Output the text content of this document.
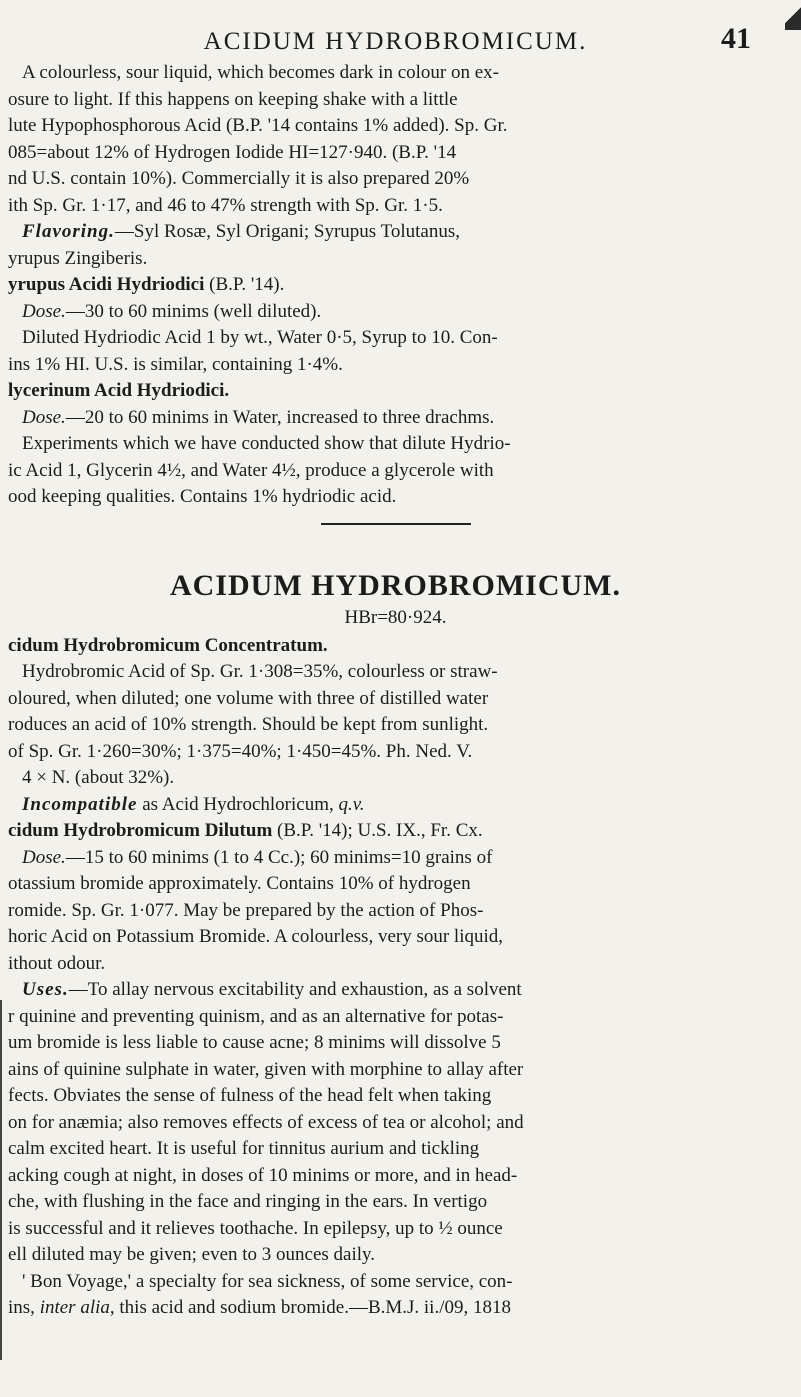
ACIDUM HYDROBROMICUM.	41

A colourless, sour liquid, which becomes dark in colour on ex-

osure to light. If this happens on keeping shake with a little

lute Hypophosphorous Acid (B.P. '14 contains 1% added). Sp. Gr.

085=about 12% of Hydrogen Iodide HI=127·940. (B.P. '14

nd U.S. contain 10%). Commercially it is also prepared 20%

ith Sp. Gr. 1·17, and 46 to 47% strength with Sp. Gr. 1·5.

Flavoring.—Syl Rosæ, Syl Origani; Syrupus Tolutanus,

yrupus Zingiberis.

yrupus Acidi Hydriodici (B.P. '14).

Dose.—30 to 60 minims (well diluted).

Diluted Hydriodic Acid 1 by wt., Water 0·5, Syrup to 10. Con-

ins 1% HI. U.S. is similar, containing 1·4%.

lycerinum Acid Hydriodici.

Dose.—20 to 60 minims in Water, increased to three drachms.

Experiments which we have conducted show that dilute Hydrio-

ic Acid 1, Glycerin 4½, and Water 4½, produce a glycerole with

ood keeping qualities. Contains 1% hydriodic acid.

ACIDUM HYDROBROMICUM.

HBr=80·924.

cidum Hydrobromicum Concentratum.

Hydrobromic Acid of Sp. Gr. 1·308=35%, colourless or straw-

oloured, when diluted; one volume with three of distilled water

roduces an acid of 10% strength. Should be kept from sunlight.

of Sp. Gr. 1·260=30%; 1·375=40%; 1·450=45%. Ph. Ned. V.

4 × N. (about 32%).

Incompatible as Acid Hydrochloricum, q.v.

cidum Hydrobromicum Dilutum (B.P. '14); U.S. IX., Fr. Cx.

Dose.—15 to 60 minims (1 to 4 Cc.); 60 minims=10 grains of

otassium bromide approximately. Contains 10% of hydrogen

romide. Sp. Gr. 1·077. May be prepared by the action of Phos-

horic Acid on Potassium Bromide. A colourless, very sour liquid,

ithout odour.

Uses.—To allay nervous excitability and exhaustion, as a solvent

r quinine and preventing quinism, and as an alternative for potas-

um bromide is less liable to cause acne; 8 minims will dissolve 5

ains of quinine sulphate in water, given with morphine to allay after

fects. Obviates the sense of fulness of the head felt when taking

on for anæmia; also removes effects of excess of tea or alcohol; and

calm excited heart. It is useful for tinnitus aurium and tickling

acking cough at night, in doses of 10 minims or more, and in head-

che, with flushing in the face and ringing in the ears. In vertigo

is successful and it relieves toothache. In epilepsy, up to ½ ounce

ell diluted may be given; even to 3 ounces daily.

' Bon Voyage,' a specialty for sea sickness, of some service, con-

ins, inter alia, this acid and sodium bromide.—B.M.J. ii./09, 1818
